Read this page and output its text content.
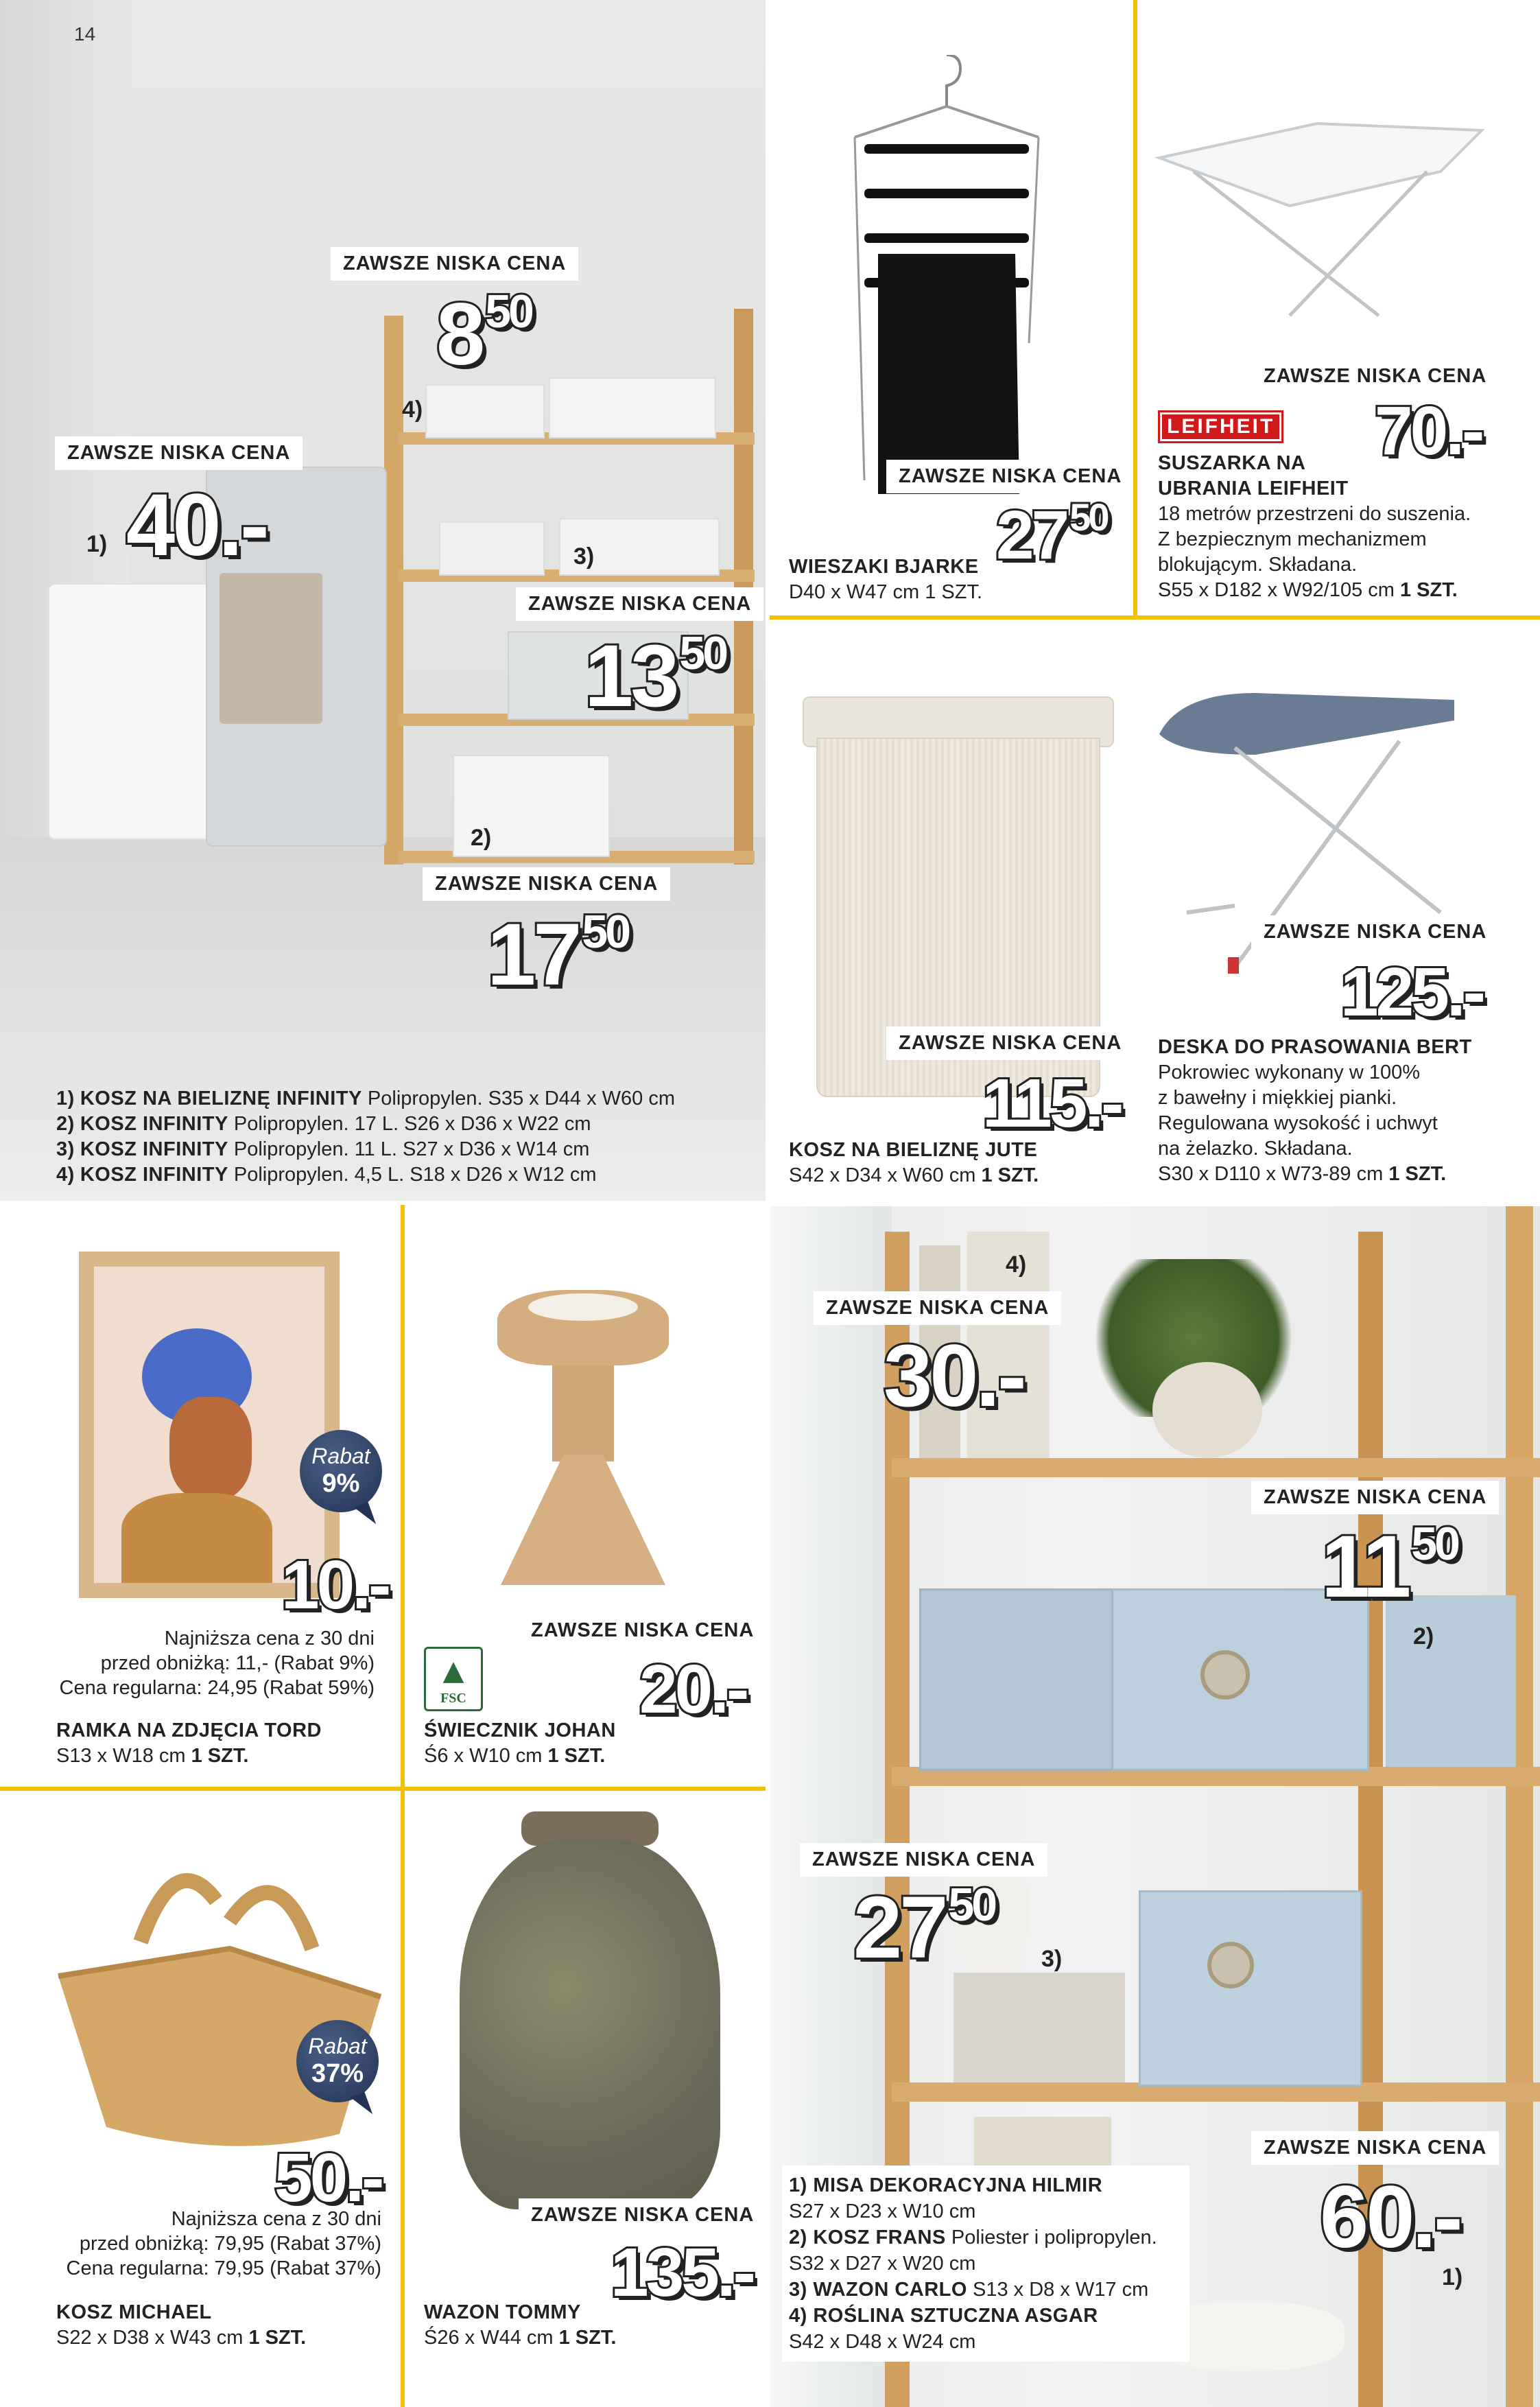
14
ZAWSZE NISKA CENA
$8^{50}$
4)
ZAWSZE NISKA CENA
1) 40.-	3)
ZAWSZE NISKA CENA
$13^{50}$
2)
ZAWSZE NISKA CENA
$17^{50}$
1) KOSZ NA BIELIZNĘ INFINITY Polipropylen. S35 x D44 x W60 cm
2) KOSZ INFINITY Polipropylen. 17 L. S26 x D36 x W22 cm
3) KOSZ INFINITY Polipropylen. 11 L. S27 x D36 x W14 cm
4) KOSZ INFINITY Polipropylen. 4,5 L. S18 x D26 x W12 cm
ZAWSZE NISKA CENA
$27^{50}$
WIESZAKI BJARKE
D40 x W47 cm 1 SZT.
ZAWSZE NISKA CENA
LEIFHEIT 70.-
SUSZARKA NA
UBRANIA LEIFHEIT
18 metrów przestrzeni do suszenia.
Z bezpiecznym mechanizmem
blokującym. Składana.
S55 x D182 x W92/105 cm 1 SZT.
ZAWSZE NISKA CENA
115.-
KOSZ NA BIELIZNĘ JUTE
S42 x D34 x W60 cm 1 SZT.
ZAWSZE NISKA CENA
125.-
DESKA DO PRASOWANIA BERT
Pokrowiec wykonany w 100%
z bawełny i miękkiej pianki.
Regulowana wysokość i uchwyt
na żelazko. Składana.
S30 x D110 x W73-89 cm 1 SZT.
Rabat
9%
10.-
Najniższa cena z 30 dni
przed obniżką: 11,- (Rabat 9%)
Cena regularna: 24,95 (Rabat 59%)
RAMKA NA ZDJĘCIA TORD
S13 x W18 cm 1 SZT.
ZAWSZE NISKA CENA
▲
FSC	20.-
ŚWIECZNIK JOHAN
Ś6 x W10 cm 1 SZT.
Rabat
37%
50.-
Najniższa cena z 30 dni
przed obniżką: 79,95 (Rabat 37%)
Cena regularna: 79,95 (Rabat 37%)
KOSZ MICHAEL
S22 x D38 x W43 cm 1 SZT.
ZAWSZE NISKA CENA
135.-
WAZON TOMMY
Ś26 x W44 cm 1 SZT.
4)
ZAWSZE NISKA CENA
30.-
ZAWSZE NISKA CENA
$11^{50}$
2)
ZAWSZE NISKA CENA
$27^{50}$
3)
ZAWSZE NISKA CENA
60.-
1)
1) MISA DEKORACYJNA HILMIR
S27 x D23 x W10 cm
2) KOSZ FRANS Poliester i polipropylen.
S32 x D27 x W20 cm
3) WAZON CARLO S13 x D8 x W17 cm
4) ROŚLINA SZTUCZNA ASGAR
S42 x D48 x W24 cm
